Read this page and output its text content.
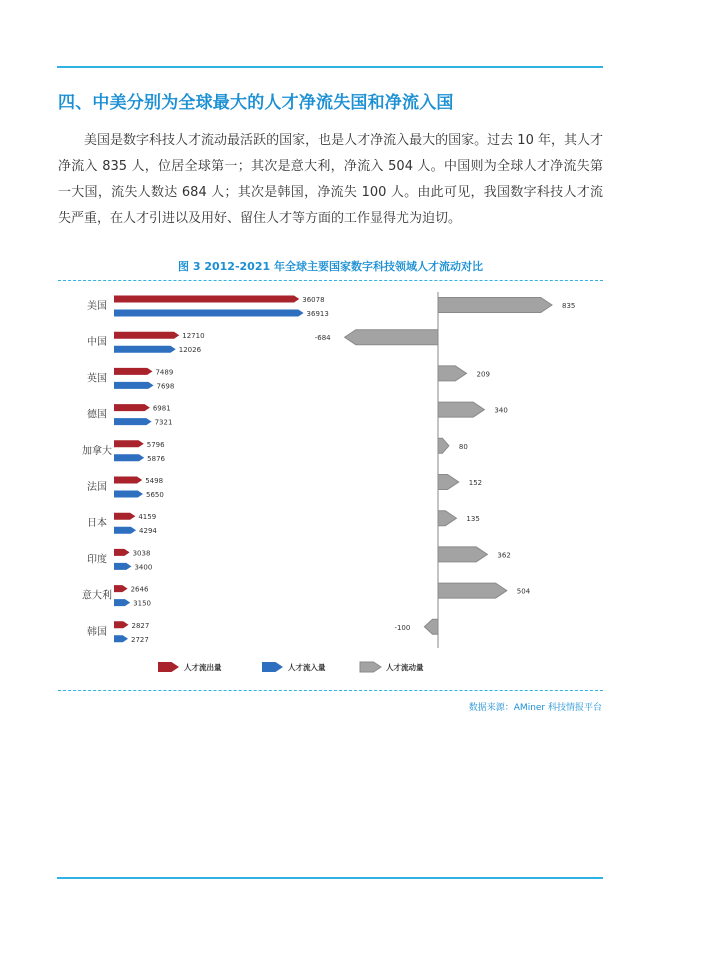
四、中美分别为全球最大的人才净流失国和净流入国

美国是数字科技人才流动最活跃的国家，也是人才净流入最大的国家。过去 10 年，其人才净流入 835 人，位居全球第一；其次是意大利，净流入 504 人。中国则为全球人才净流失第一大国，流失人数达 684 人；其次是韩国，净流失 100 人。由此可见，我国数字科技人才流失严重，在人才引进以及用好、留住人才等方面的工作显得尤为迫切。

图 3 2012-2021 年全球主要国家数字科技领域人才流动对比
美国
36078
36913
835
中国
12710
12026
-684
英国
7489
7698
209
德国
6981
7321
340
加拿大
5796
5876
80
法国
5498
5650
152
日本
4159
4294
135
印度
3038
3400
362
意大利
2646
3150
504
韩国
2827
2727
-100
人才流出量	人才流入量	人才流动量
数据来源：AMiner 科技情报平台
